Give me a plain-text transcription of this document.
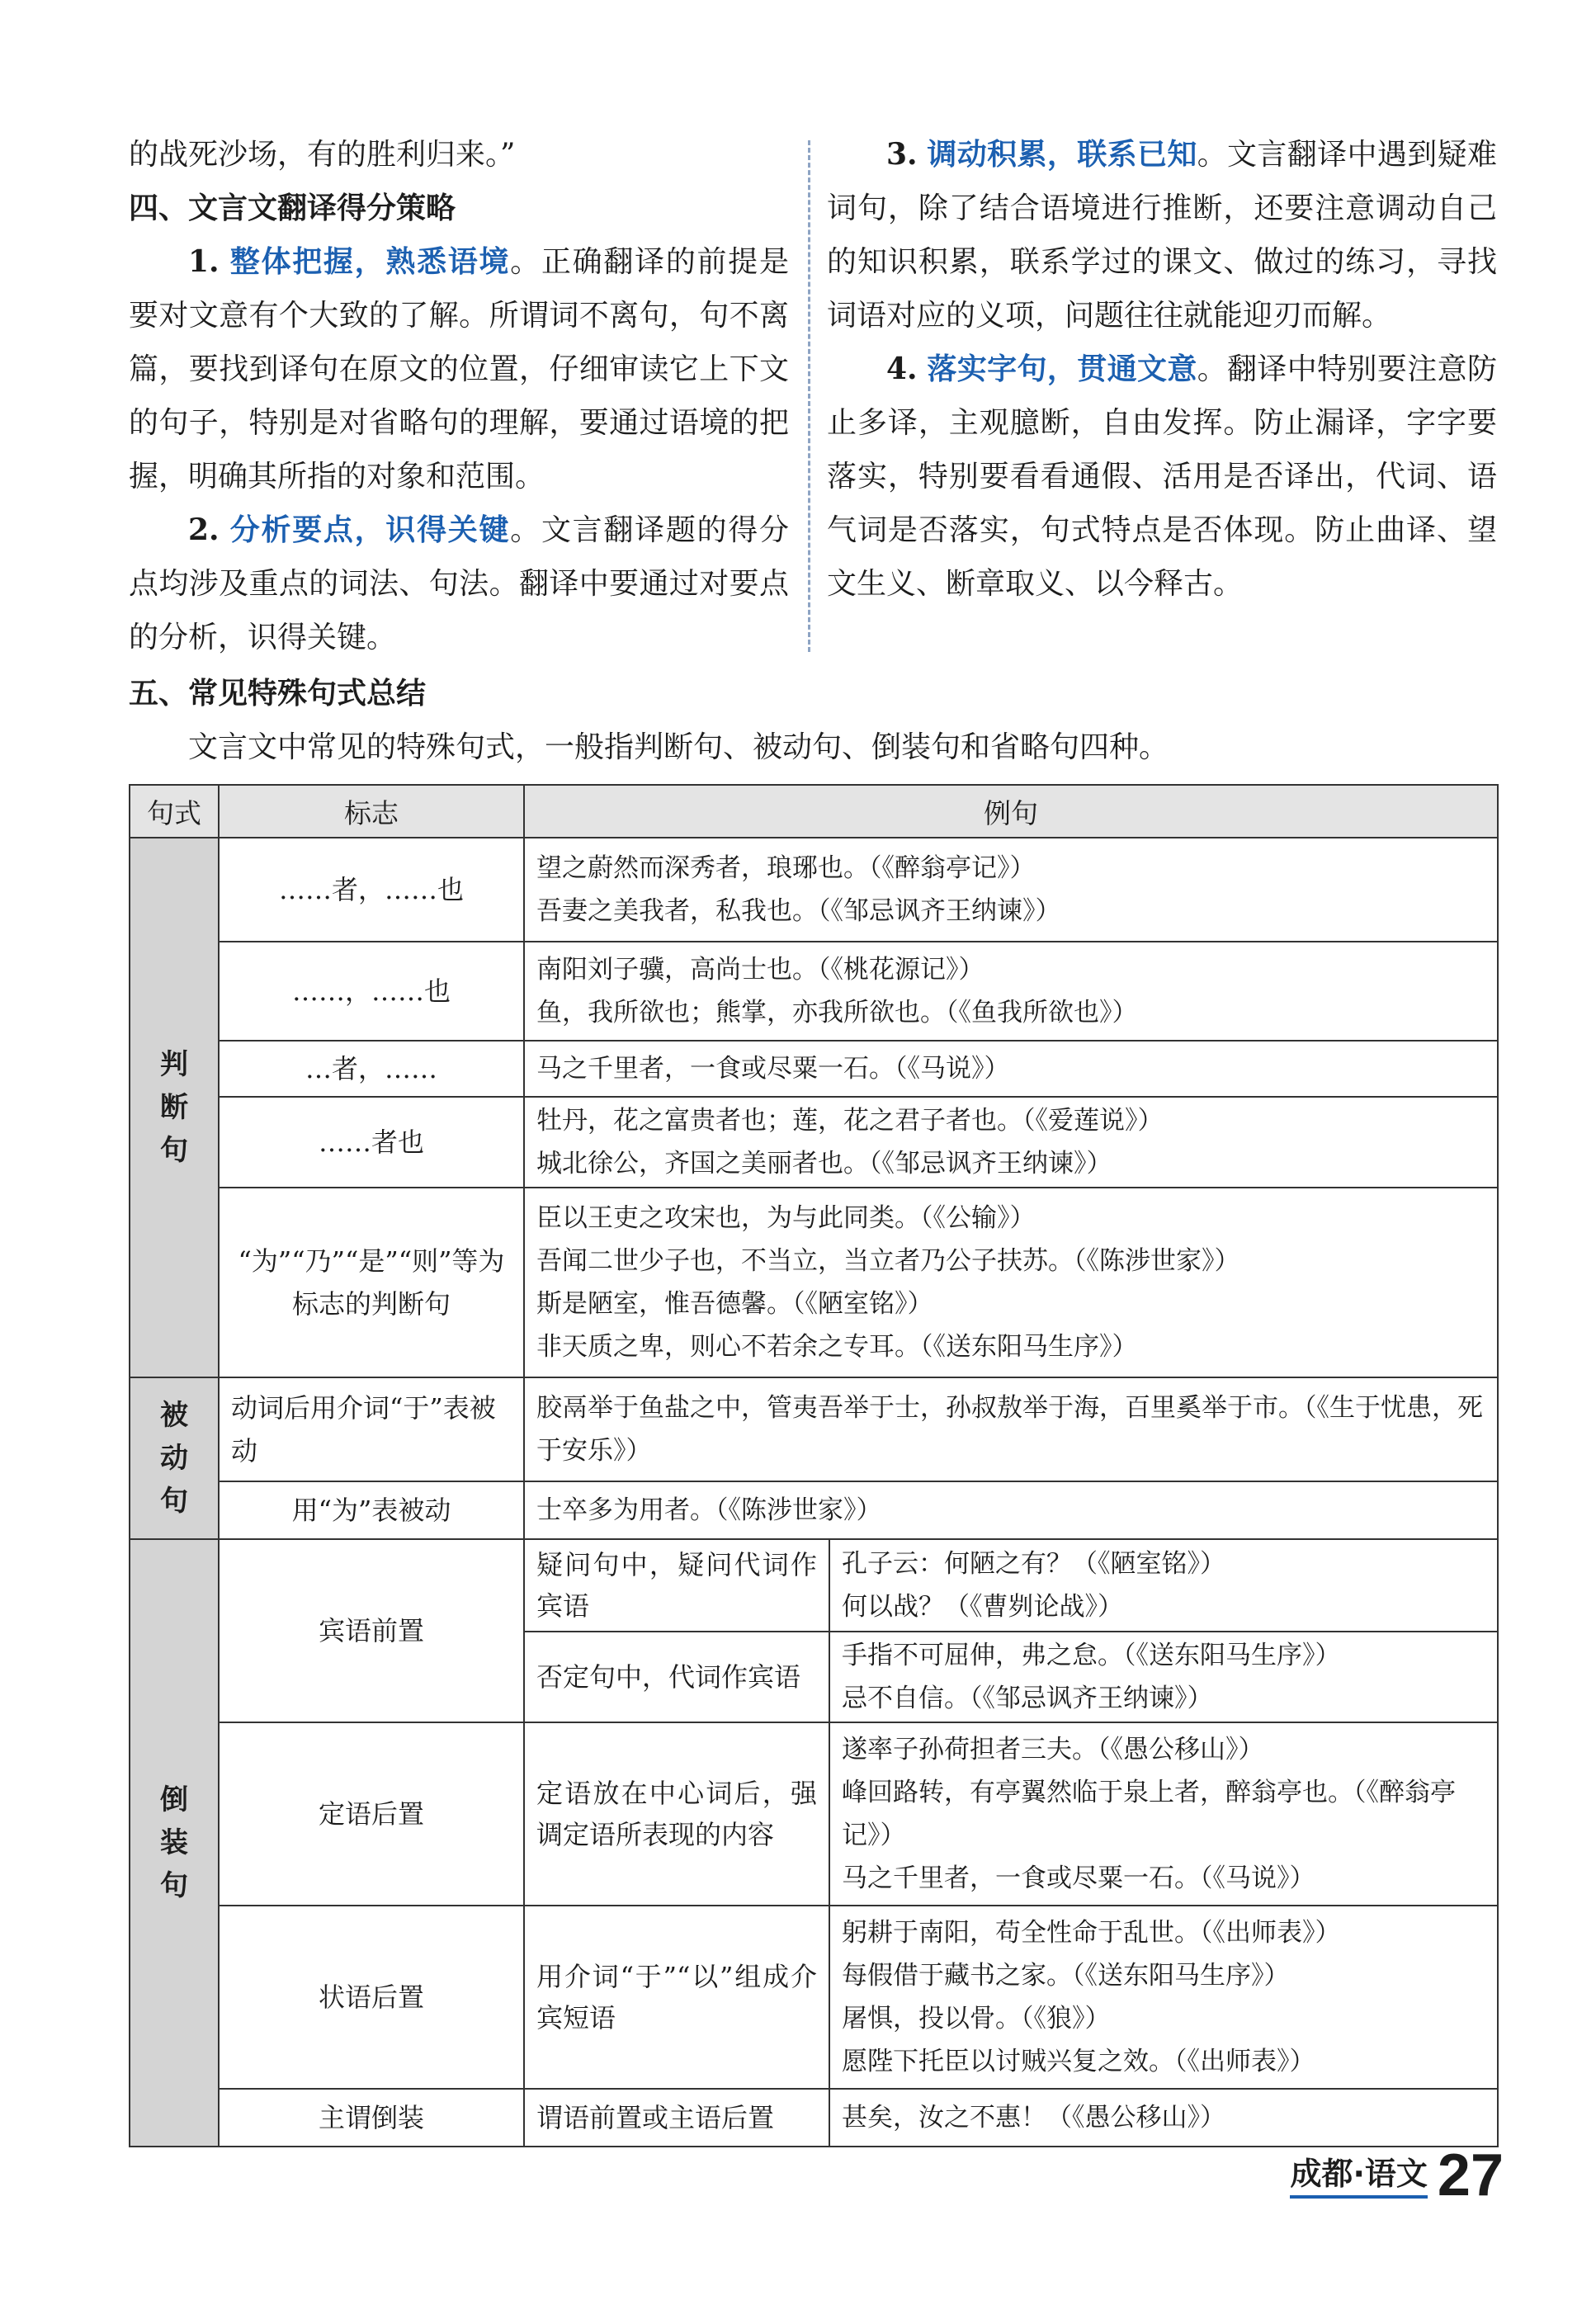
的战死沙场，有的胜利归来。”

四、文言文翻译得分策略

1. 整体把握，熟悉语境。正确翻译的前提是要对文意有个大致的了解。所谓词不离句，句不离篇，要找到译句在原文的位置，仔细审读它上下文的句子，特别是对省略句的理解，要通过语境的把握，明确其所指的对象和范围。

2. 分析要点，识得关键。文言翻译题的得分点均涉及重点的词法、句法。翻译中要通过对要点的分析，识得关键。

3. 调动积累，联系已知。文言翻译中遇到疑难词句，除了结合语境进行推断，还要注意调动自己的知识积累，联系学过的课文、做过的练习，寻找词语对应的义项，问题往往就能迎刃而解。

4. 落实字句，贯通文意。翻译中特别要注意防止多译，主观臆断，自由发挥。防止漏译，字字要落实，特别要看看通假、活用是否译出，代词、语气词是否落实，句式特点是否体现。防止曲译、望文生义、断章取义、以今释古。

五、常见特殊句式总结

文言文中常见的特殊句式，一般指判断句、被动句、倒装句和省略句四种。

句式	标志	例句	
判断句	……者，……也	望之蔚然而深秀者，琅琊也。（《醉翁亭记》）
吾妻之美我者，私我也。（《邹忌讽齐王纳谏》）	

	……，……也	南阳刘子骥，高尚士也。（《桃花源记》）
鱼，我所欲也；熊掌，亦我所欲也。（《鱼我所欲也》）	

	…者，……	马之千里者，一食或尽粟一石。（《马说》）	

	……者也	牡丹，花之富贵者也；莲，花之君子者也。（《爱莲说》）
城北徐公，齐国之美丽者也。（《邹忌讽齐王纳谏》）	

	“为”“乃”“是”“则”等为标志的判断句	臣以王吏之攻宋也，为与此同类。（《公输》）
吾闻二世少子也，不当立，当立者乃公子扶苏。（《陈涉世家》）
斯是陋室，惟吾德馨。（《陋室铭》）
非天质之卑，则心不若余之专耳。（《送东阳马生序》）	

被动句	动词后用介词“于”表被动	胶鬲举于鱼盐之中，管夷吾举于士，孙叔敖举于海，百里奚举于市。（《生于忧患，死于安乐》）	

	用“为”表被动	士卒多为用者。（《陈涉世家》）	

倒装句	宾语前置	疑问句中，疑问代词作宾语	孔子云：何陋之有？（《陋室铭》）
何以战？（《曹刿论战》）

		否定句中，代词作宾语	手指不可屈伸，弗之怠。（《送东阳马生序》）
忌不自信。（《邹忌讽齐王纳谏》）

	定语后置	定语放在中心词后，强调定语所表现的内容	遂率子孙荷担者三夫。（《愚公移山》）
峰回路转，有亭翼然临于泉上者，醉翁亭也。（《醉翁亭记》）
马之千里者，一食或尽粟一石。（《马说》）

	状语后置	用介词“于”“以”组成介宾短语	躬耕于南阳，苟全性命于乱世。（《出师表》）
每假借于藏书之家。（《送东阳马生序》）
屠惧，投以骨。（《狼》）
愿陛下托臣以讨贼兴复之效。（《出师表》）

	主谓倒装	谓语前置或主语后置	甚矣，汝之不惠！（《愚公移山》）
成都·语文 27
